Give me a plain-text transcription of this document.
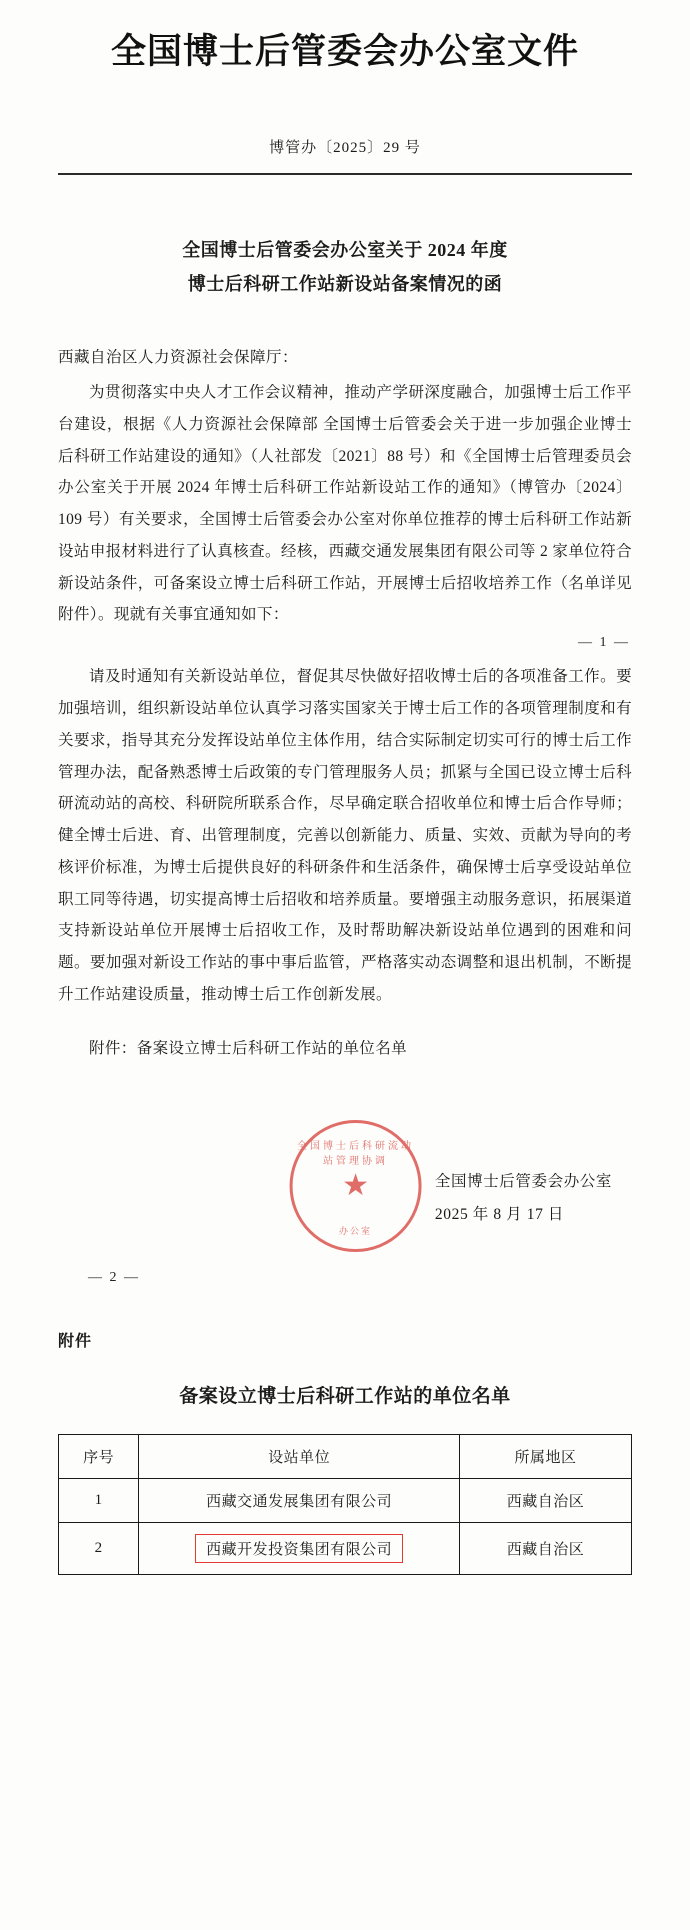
全国博士后管委会办公室文件
博管办〔2025〕29 号
全国博士后管委会办公室关于 2024 年度
博士后科研工作站新设站备案情况的函
西藏自治区人力资源社会保障厅：

为贯彻落实中央人才工作会议精神，推动产学研深度融合，加强博士后工作平台建设，根据《人力资源社会保障部 全国博士后管委会关于进一步加强企业博士后科研工作站建设的通知》（人社部发〔2021〕88 号）和《全国博士后管理委员会办公室关于开展 2024 年博士后科研工作站新设站工作的通知》（博管办〔2024〕109 号）有关要求，全国博士后管委会办公室对你单位推荐的博士后科研工作站新设站申报材料进行了认真核查。经核，西藏交通发展集团有限公司等 2 家单位符合新设站条件，可备案设立博士后科研工作站，开展博士后招收培养工作（名单详见附件）。现就有关事宜通知如下：

— 1 —

请及时通知有关新设站单位，督促其尽快做好招收博士后的各项准备工作。要加强培训，组织新设站单位认真学习落实国家关于博士后工作的各项管理制度和有关要求，指导其充分发挥设站单位主体作用，结合实际制定切实可行的博士后工作管理办法，配备熟悉博士后政策的专门管理服务人员；抓紧与全国已设立博士后科研流动站的高校、科研院所联系合作，尽早确定联合招收单位和博士后合作导师；健全博士后进、育、出管理制度，完善以创新能力、质量、实效、贡献为导向的考核评价标准，为博士后提供良好的科研条件和生活条件，确保博士后享受设站单位职工同等待遇，切实提高博士后招收和培养质量。要增强主动服务意识，拓展渠道支持新设站单位开展博士后招收工作，及时帮助解决新设站单位遇到的困难和问题。要加强对新设工作站的事中事后监管，严格落实动态调整和退出机制，不断提升工作站建设质量，推动博士后工作创新发展。

附件：备案设立博士后科研工作站的单位名单
全国博士后科研流动站管理协调
★
办公室
全国博士后管委会办公室
2025 年 8 月 17 日
— 2 —
附件
备案设立博士后科研工作站的单位名单
序号	设站单位	所属地区
1	西藏交通发展集团有限公司	西藏自治区
2	西藏开发投资集团有限公司	西藏自治区
